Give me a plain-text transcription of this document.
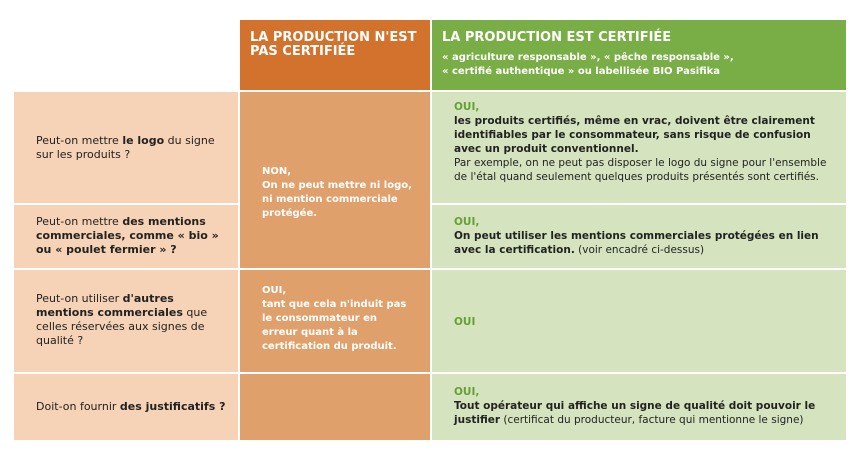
LA PRODUCTION N'EST PAS CERTIFIÉE
LA PRODUCTION EST CERTIFIÉE
« agriculture responsable », « pêche responsable »,
« certifié authentique » ou labellisée BIO Pasifika
Peut-on mettre le logo du signe sur les produits ?
Peut-on mettre des mentions commerciales, comme « bio » ou « poulet fermier » ?
Peut-on utiliser d'autres mentions commerciales que celles réservées aux signes de qualité ?
Doit-on fournir des justificatifs ?
NON,
On ne peut mettre ni logo, ni mention commerciale protégée.
OUI,
tant que cela n'induit pas le consommateur en erreur quant à la certification du produit.
OUI,
les produits certifiés, même en vrac, doivent être clairement identifiables par le consommateur, sans risque de confusion avec un produit conventionnel.
Par exemple, on ne peut pas disposer le logo du signe pour l'ensemble de l'étal quand seulement quelques produits présentés sont certifiés.
OUI,
On peut utiliser les mentions commerciales protégées en lien avec la certification. (voir encadré ci-dessus)
OUI
OUI,
Tout opérateur qui affiche un signe de qualité doit pouvoir le justifier (certificat du producteur, facture qui mentionne le signe)
